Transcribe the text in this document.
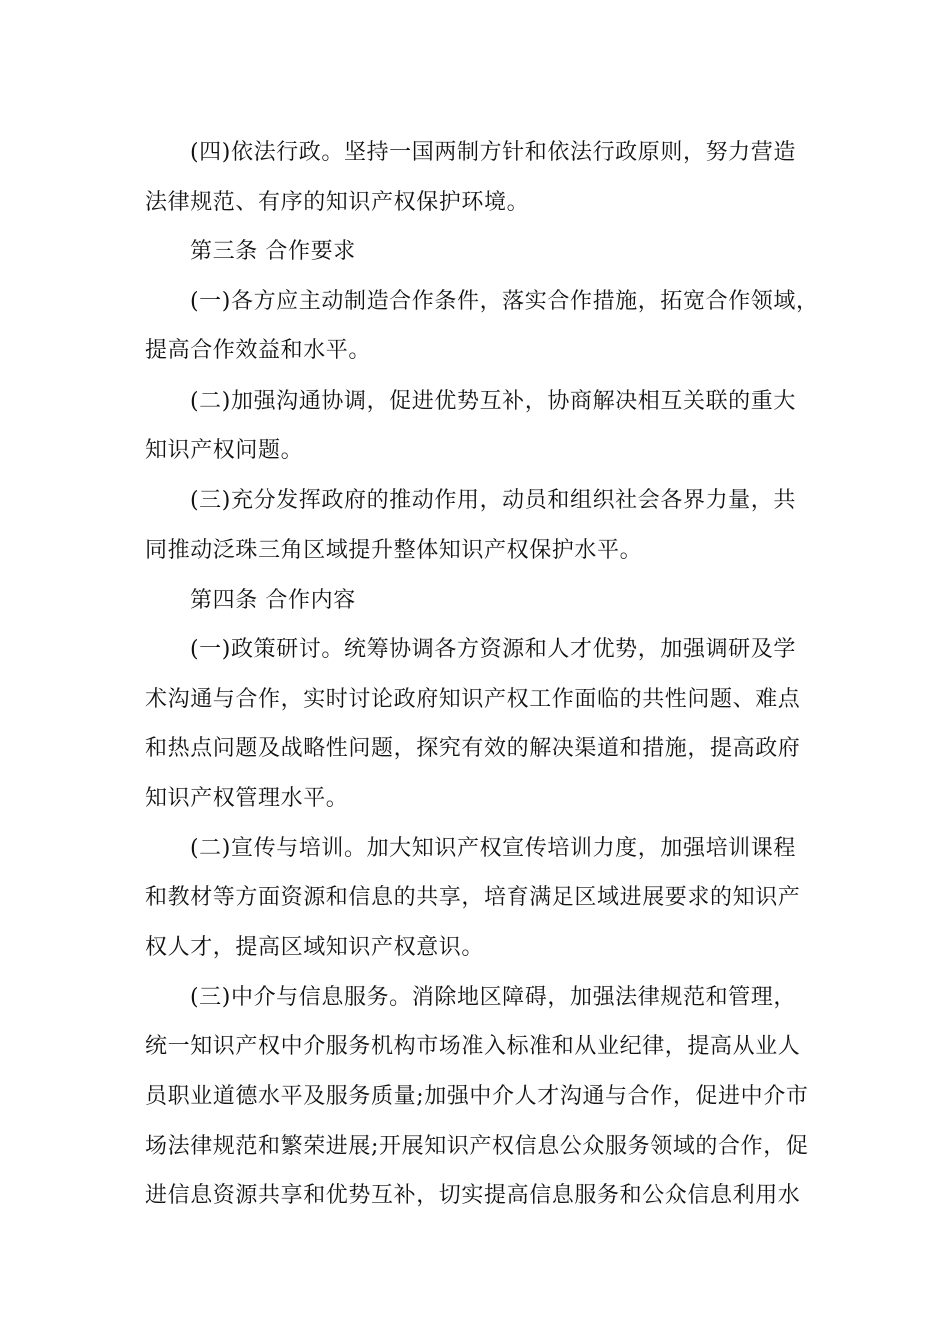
(四)依法行政。坚持一国两制方针和依法行政原则，努力营造
法律规范、有序的知识产权保护环境。
第三条 合作要求
(一)各方应主动制造合作条件，落实合作措施，拓宽合作领域，
提高合作效益和水平。
(二)加强沟通协调，促进优势互补，协商解决相互关联的重大
知识产权问题。
(三)充分发挥政府的推动作用，动员和组织社会各界力量，共
同推动泛珠三角区域提升整体知识产权保护水平。
第四条 合作内容
(一)政策研讨。统筹协调各方资源和人才优势，加强调研及学
术沟通与合作，实时讨论政府知识产权工作面临的共性问题、难点
和热点问题及战略性问题，探究有效的解决渠道和措施，提高政府
知识产权管理水平。
(二)宣传与培训。加大知识产权宣传培训力度，加强培训课程
和教材等方面资源和信息的共享，培育满足区域进展要求的知识产
权人才，提高区域知识产权意识。
(三)中介与信息服务。消除地区障碍，加强法律规范和管理，
统一知识产权中介服务机构市场准入标准和从业纪律，提高从业人
员职业道德水平及服务质量;加强中介人才沟通与合作，促进中介市
场法律规范和繁荣进展;开展知识产权信息公众服务领域的合作，促
进信息资源共享和优势互补，切实提高信息服务和公众信息利用水
